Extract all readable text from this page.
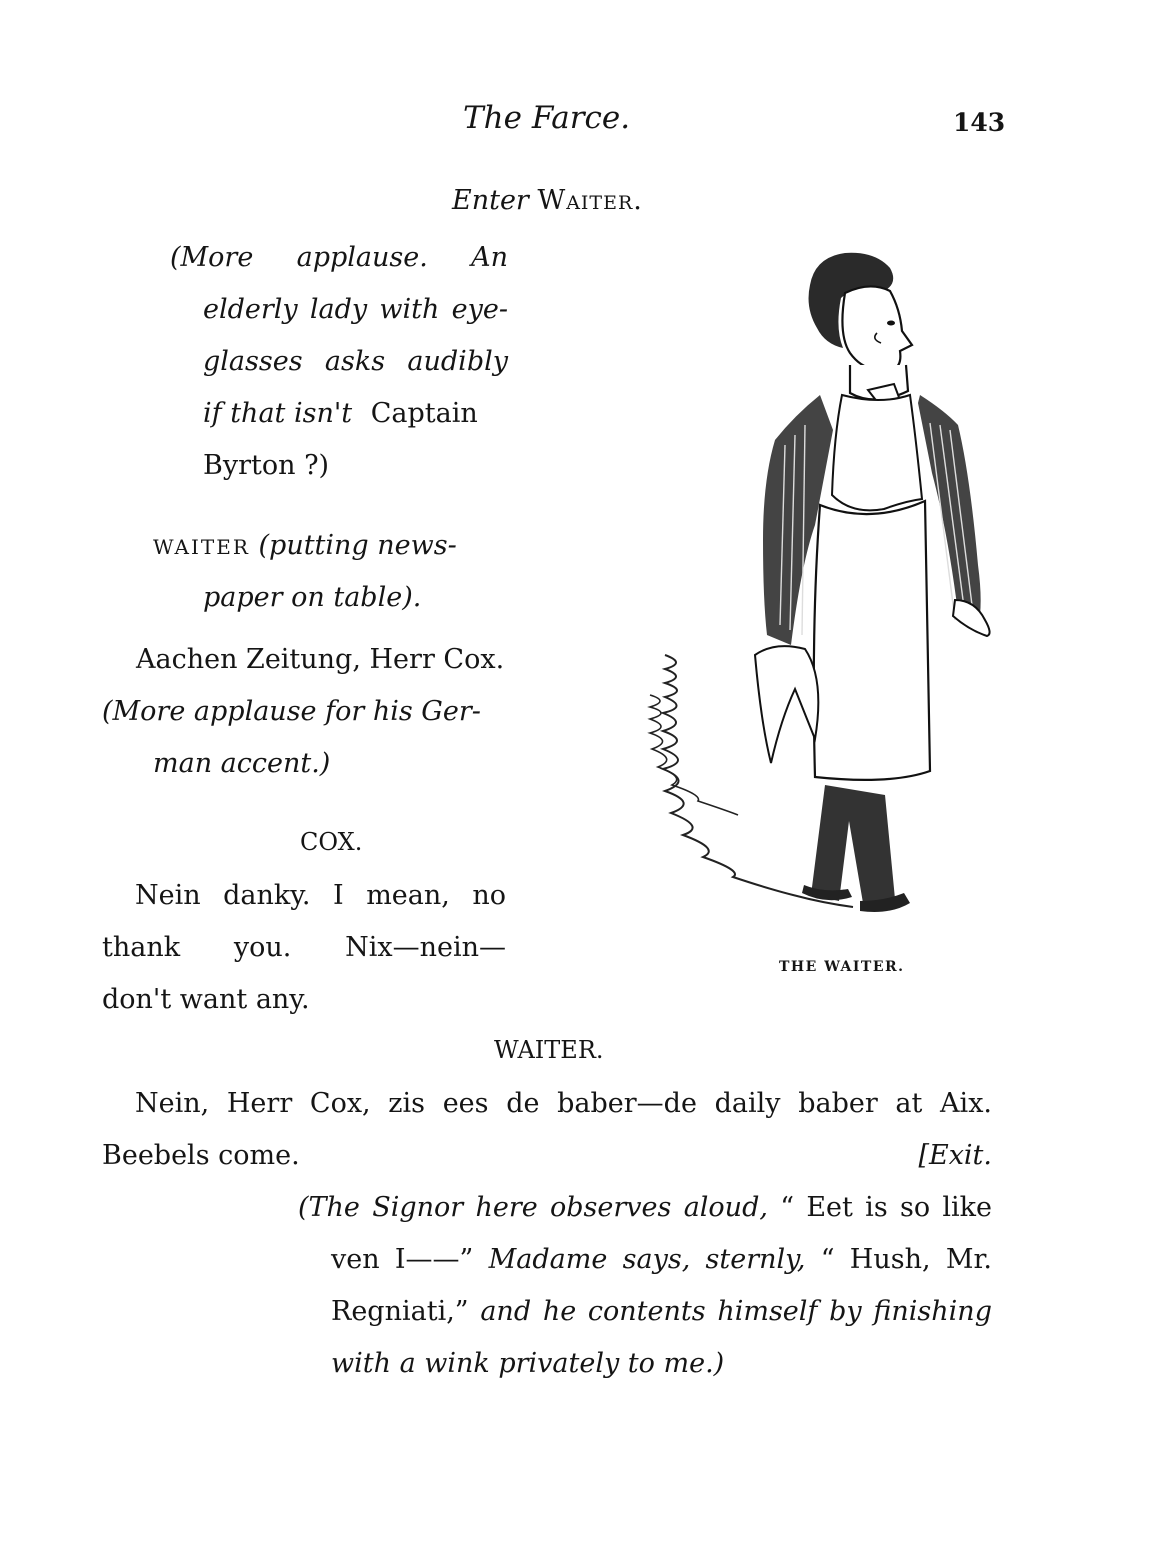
The Farce.	143
Enter Waiter.
(More applause. An
elderly lady with eye-
glasses asks audibly
if that isn't Captain
Byrton ?)
WAITER (putting news-
paper on table).
Aachen Zeitung, Herr Cox.
(More applause for his Ger-
man accent.)
COX.
Nein danky. I mean, no
thank you. Nix—nein—
don't want any.
THE WAITER.
WAITER.
Nein, Herr Cox, zis ees de baber—de daily baber at Aix.
Beebels come.	[Exit.
(The Signor here observes aloud, “ Eet is so like
ven I——” Madame says, sternly, “ Hush, Mr.
Regniati,” and he contents himself by finishing
with a wink privately to me.)
